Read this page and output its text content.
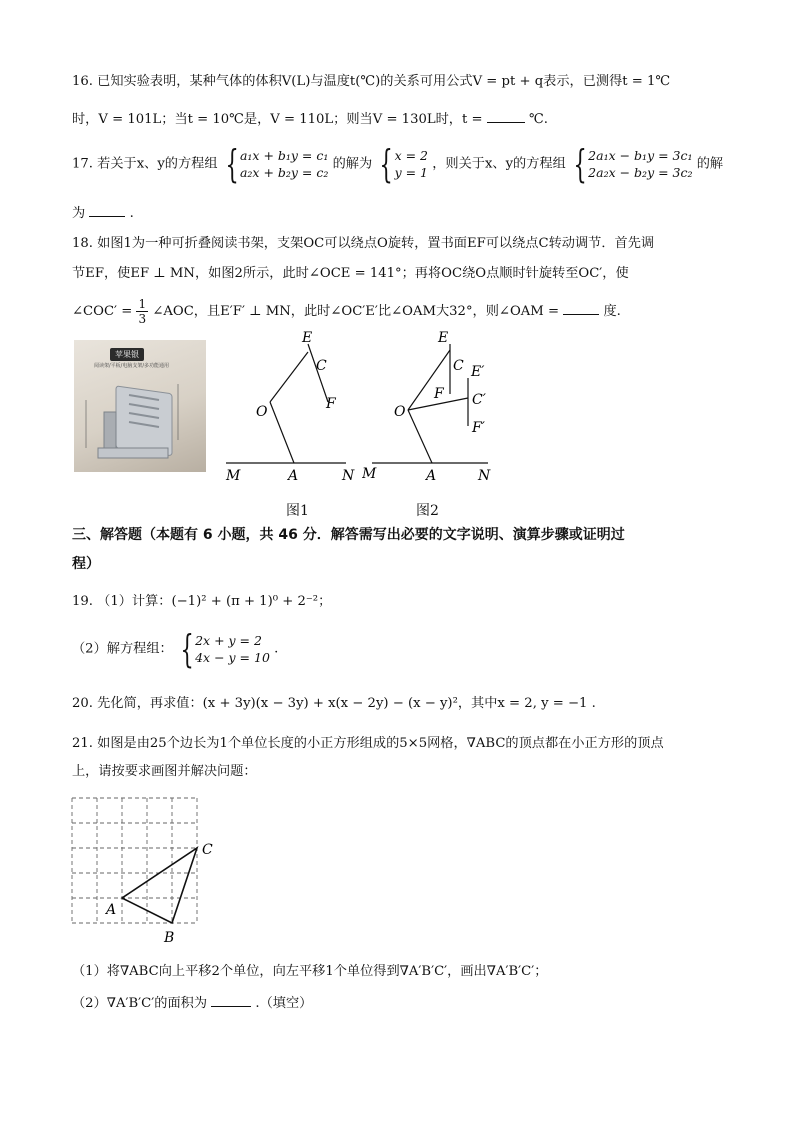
16. 已知实验表明，某种气体的体积V(L)与温度t(℃)的关系可用公式V = pt + q表示，已测得t = 1℃
时，V = 101L；当t = 10℃是，V = 110L；则当V = 130L时，t =	℃.
17. 若关于x、y的方程组 { a₁x + b₁y = c₁
a₂x + b₂y = c₂
的解为 { x = 2
y = 1
，则关于x、y的方程组 { 2a₁x − b₁y = 3c₁
2a₂x − b₂y = 3c₂
的解
为	.
18. 如图1为一种可折叠阅读书架，支架OC可以绕点O旋转，置书面EF可以绕点C转动调节．首先调
节EF，使EF ⊥ MN，如图2所示，此时∠OCE = 141°；再将OC绕O点顺时针旋转至OC′，使
∠COC′ = $\frac{1}{3}$ ∠AOC，且E′F′ ⊥ MN，此时∠OC′E′比∠OAM大32°，则∠OAM =	度.
苹果银
阅读架/平板/电脑支架/多功能通用
E
C
O	F
M	A	N
E
C E′
F C′
O
F′
M	A	N
图1	图2
三、解答题（本题有 6 小题，共 46 分．解答需写出必要的文字说明、演算步骤或证明过
程）
19. （1）计算：(−1)² + (π + 1)⁰ + 2⁻²；
（2）解方程组： { 2x + y = 2
4x − y = 10
.
20. 先化简，再求值：(x + 3y)(x − 3y) + x(x − 2y) − (x − y)²，其中x = 2, y = −1 .
21. 如图是由25个边长为1个单位长度的小正方形组成的5×5网格，∇ABC的顶点都在小正方形的顶点
上，请按要求画图并解决问题：
A
B
C
（1）将∇ABC向上平移2个单位，向左平移1个单位得到∇A′B′C′，画出∇A′B′C′；
（2）∇A′B′C′的面积为	.（填空）
